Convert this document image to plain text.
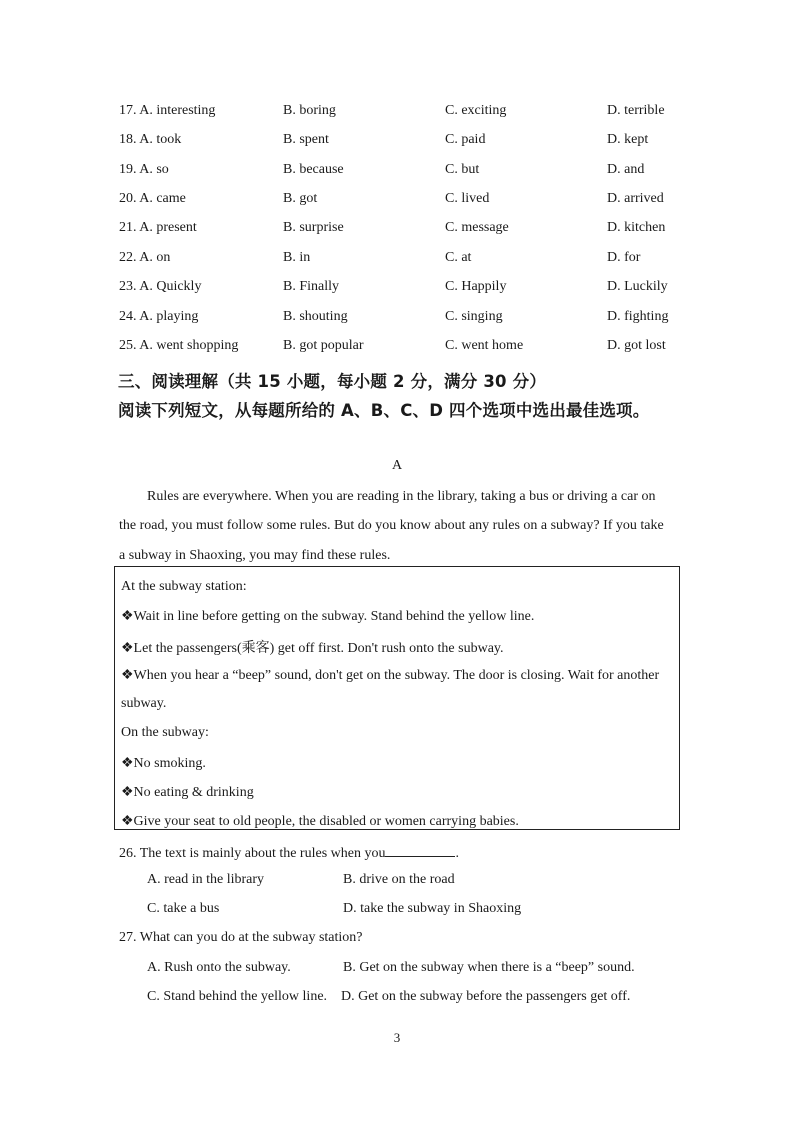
17. A. interesting	B. boring	C. exciting	D. terrible
18. A. took	B. spent	C. paid	D. kept
19. A. so	B. because	C. but	D. and
20. A. came	B. got	C. lived	D. arrived
21. A. present	B. surprise	C. message	D. kitchen
22. A. on	B. in	C. at	D. for
23. A. Quickly	B. Finally	C. Happily	D. Luckily
24. A. playing	B. shouting	C. singing	D. fighting
25. A. went shopping	B. got popular	C. went home	D. got lost
三、阅读理解（共 15 小题，每小题 2 分，满分 30 分）
阅读下列短文，从每题所给的 A、B、C、D 四个选项中选出最佳选项。
A
Rules are everywhere. When you are reading in the library, taking a bus or driving a car on
the road, you must follow some rules. But do you know about any rules on a subway? If you take
a subway in Shaoxing, you may find these rules.
At the subway station:
❖Wait in line before getting on the subway. Stand behind the yellow line.
❖Let the passengers(乘客) get off first. Don't rush onto the subway.
❖When you hear a “beep” sound, don't get on the subway. The door is closing. Wait for another
subway.
On the subway:
❖No smoking.
❖No eating & drinking
❖Give your seat to old people, the disabled or women carrying babies.
26. The text is mainly about the rules when you	.
A. read in the library	B. drive on the road
C. take a bus	D. take the subway in Shaoxing
27. What can you do at the subway station?
A. Rush onto the subway.	B. Get on the subway when there is a “beep” sound.
C. Stand behind the yellow line. D. Get on the subway before the passengers get off.
3
